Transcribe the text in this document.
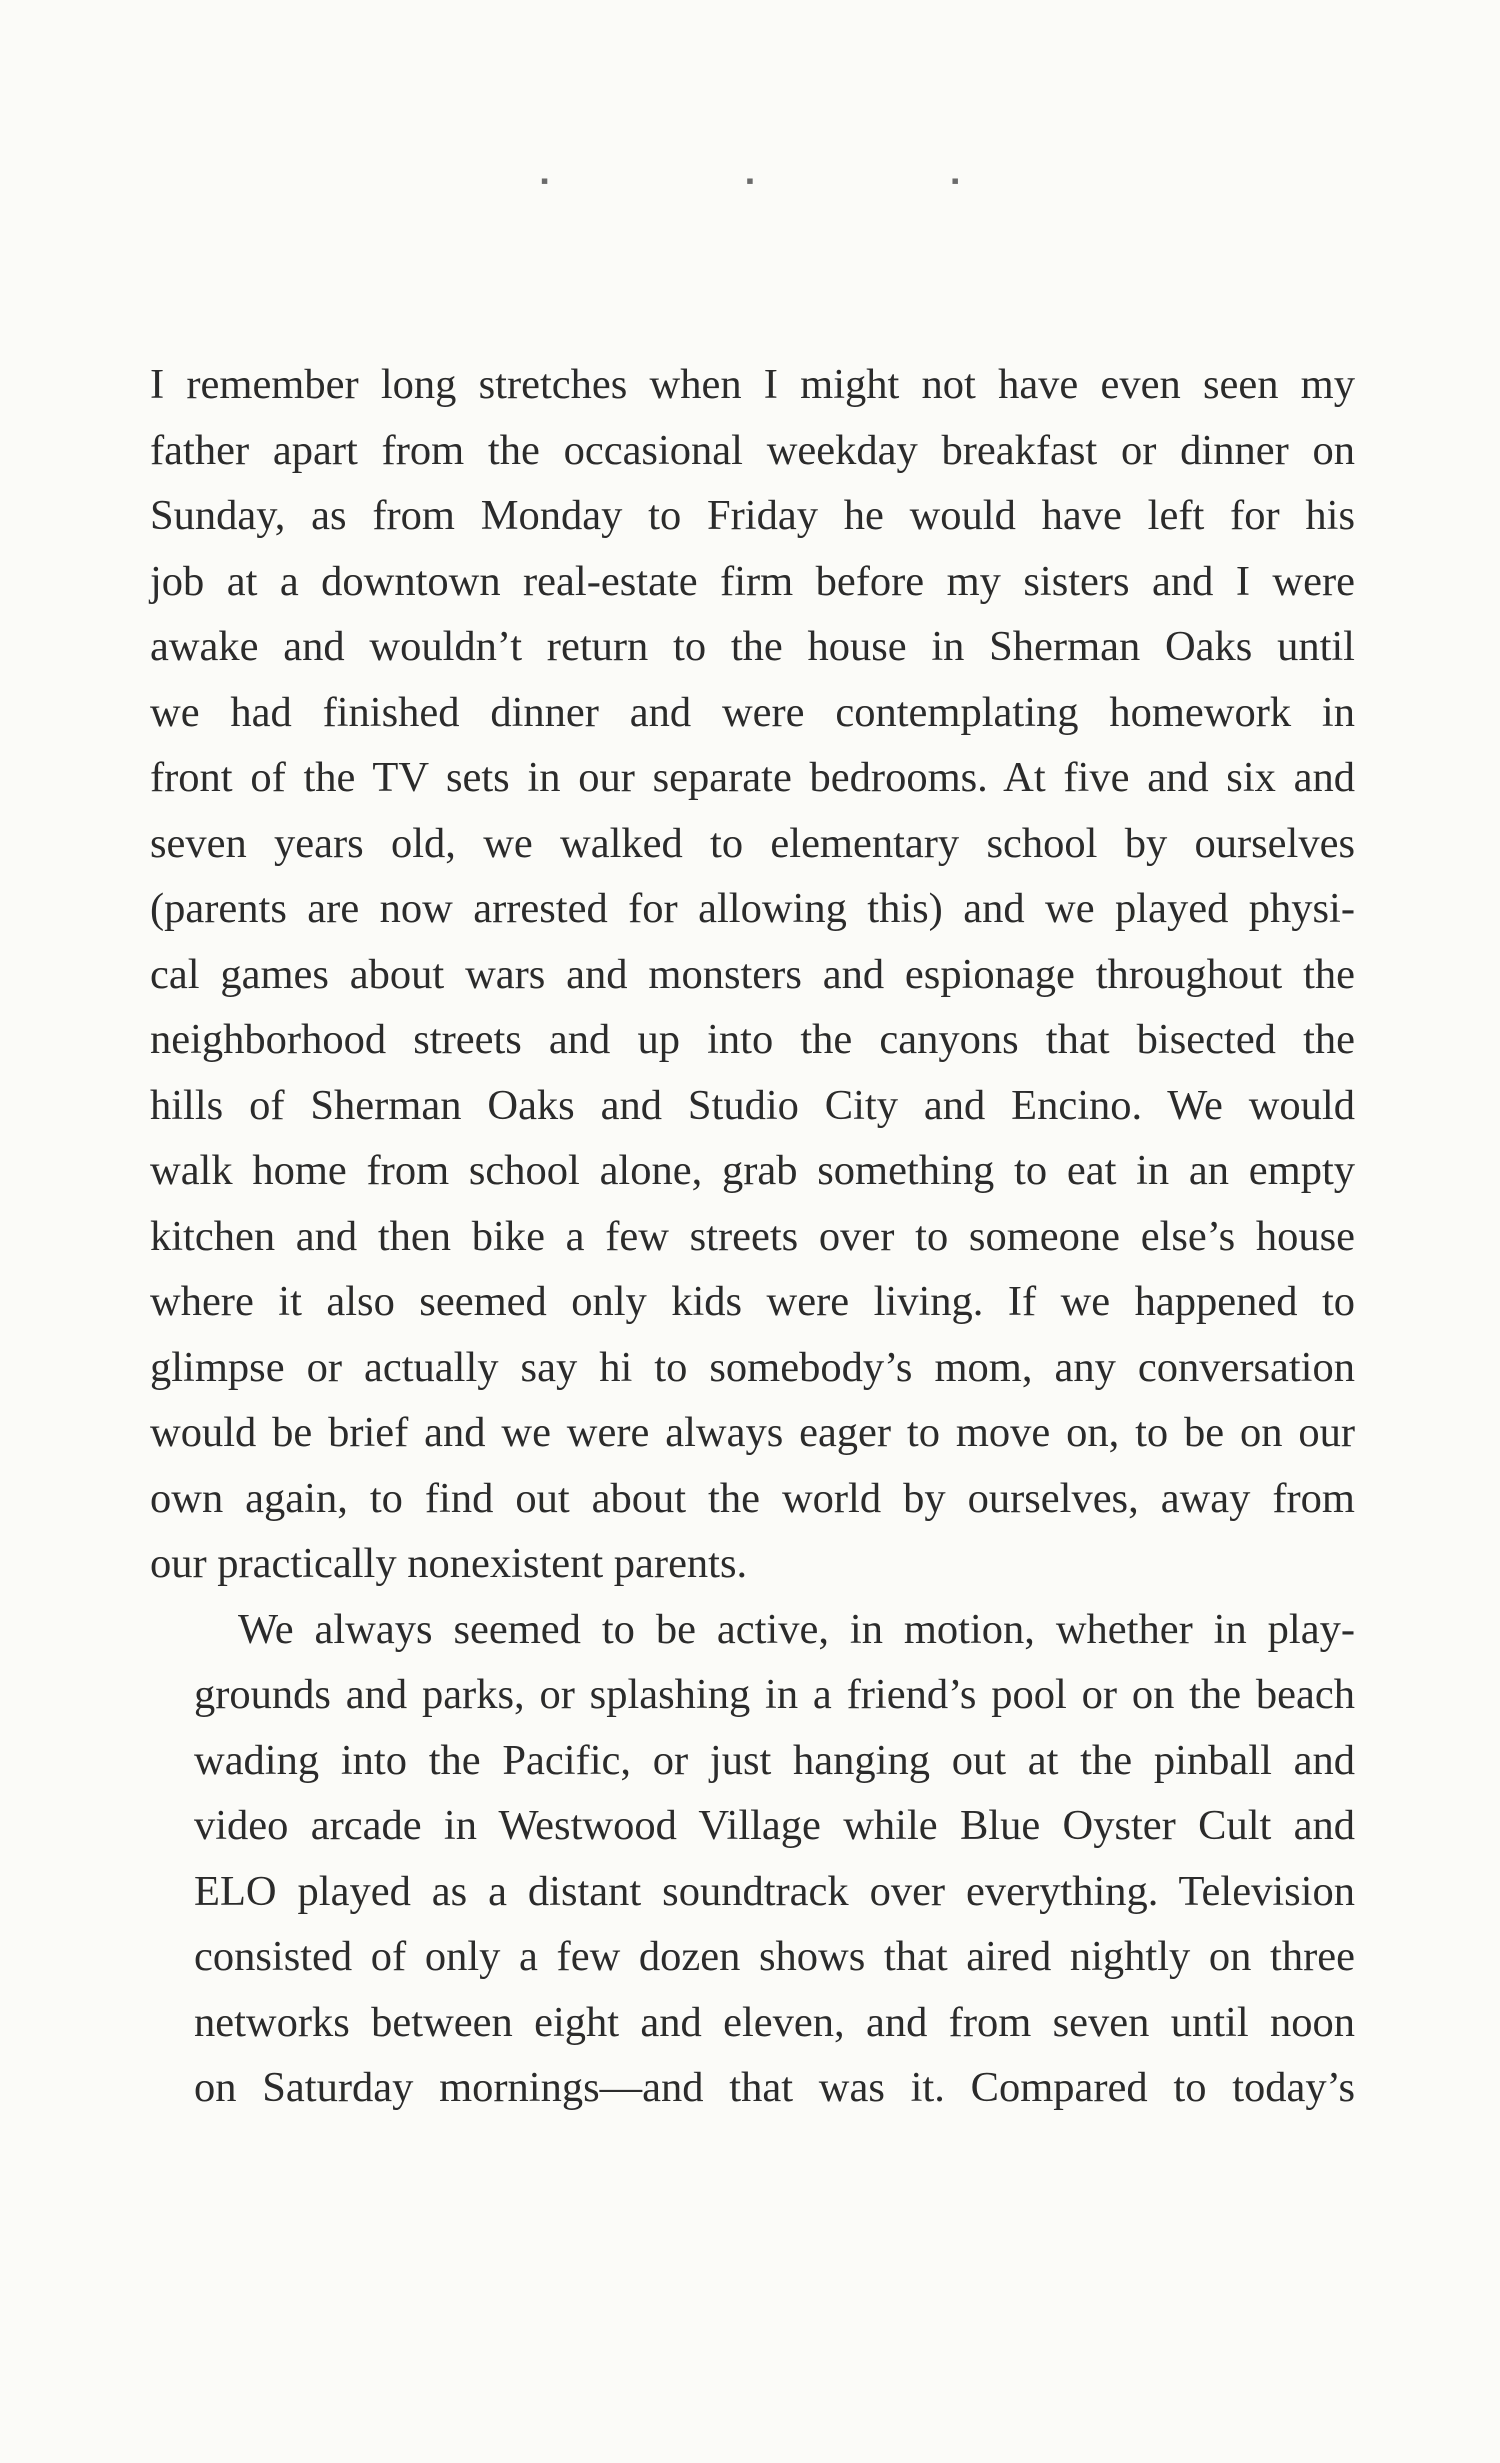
▪ ▪ ▪

I remember long stretches when I might not have even seen my
father apart from the occasional weekday breakfast or dinner on
Sunday, as from Monday to Friday he would have left for his
job at a downtown real-estate firm before my sisters and I were
awake and wouldn’t return to the house in Sherman Oaks until
we had finished dinner and were contemplating homework in
front of the TV sets in our separate bedrooms. At five and six and
seven years old, we walked to elementary school by ourselves
(parents are now arrested for allowing this) and we played physi-
cal games about wars and monsters and espionage throughout the
neighborhood streets and up into the canyons that bisected the
hills of Sherman Oaks and Studio City and Encino. We would
walk home from school alone, grab something to eat in an empty
kitchen and then bike a few streets over to someone else’s house
where it also seemed only kids were living. If we happened to
glimpse or actually say hi to somebody’s mom, any conversation
would be brief and we were always eager to move on, to be on our
own again, to find out about the world by ourselves, away from
our practically nonexistent parents.

We always seemed to be active, in motion, whether in play-
grounds and parks, or splashing in a friend’s pool or on the beach
wading into the Pacific, or just hanging out at the pinball and
video arcade in Westwood Village while Blue Oyster Cult and
ELO played as a distant soundtrack over everything. Television
consisted of only a few dozen shows that aired nightly on three
networks between eight and eleven, and from seven until noon
on Saturday mornings—and that was it. Compared to today’s
